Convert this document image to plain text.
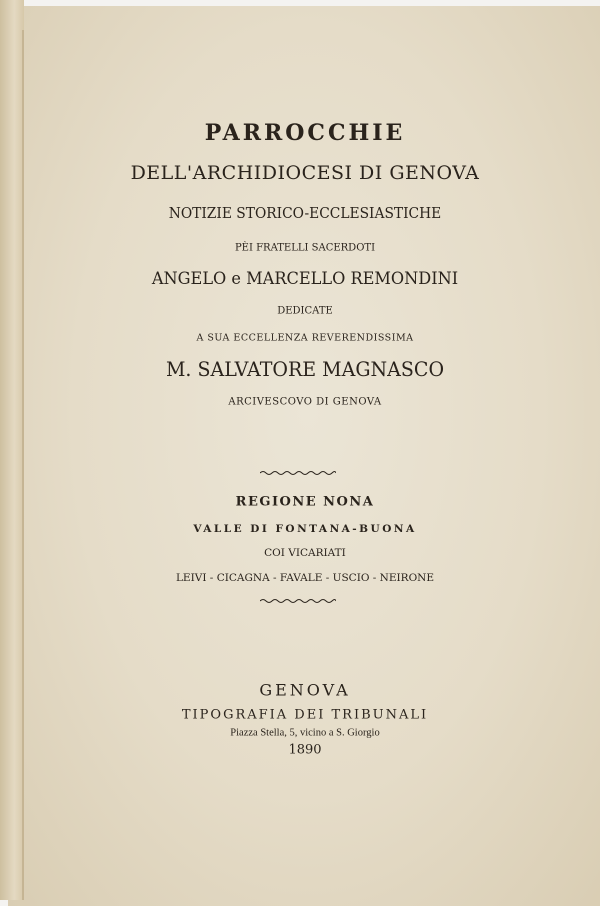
PARROCCHIE
DELL'ARCHIDIOCESI DI GENOVA
NOTIZIE STORICO-ECCLESIASTICHE
PÈI FRATELLI SACERDOTI
ANGELO e MARCELLO REMONDINI
DEDICATE
A SUA ECCELLENZA REVERENDISSIMA
M. SALVATORE MAGNASCO
ARCIVESCOVO DI GENOVA
REGIONE NONA
VALLE DI FONTANA-BUONA
COI VICARIATI
LEIVI - CICAGNA - FAVALE - USCIO - NEIRONE
GENOVA
TIPOGRAFIA DEI TRIBUNALI
Piazza Stella, 5, vicino a S. Giorgio
1890
